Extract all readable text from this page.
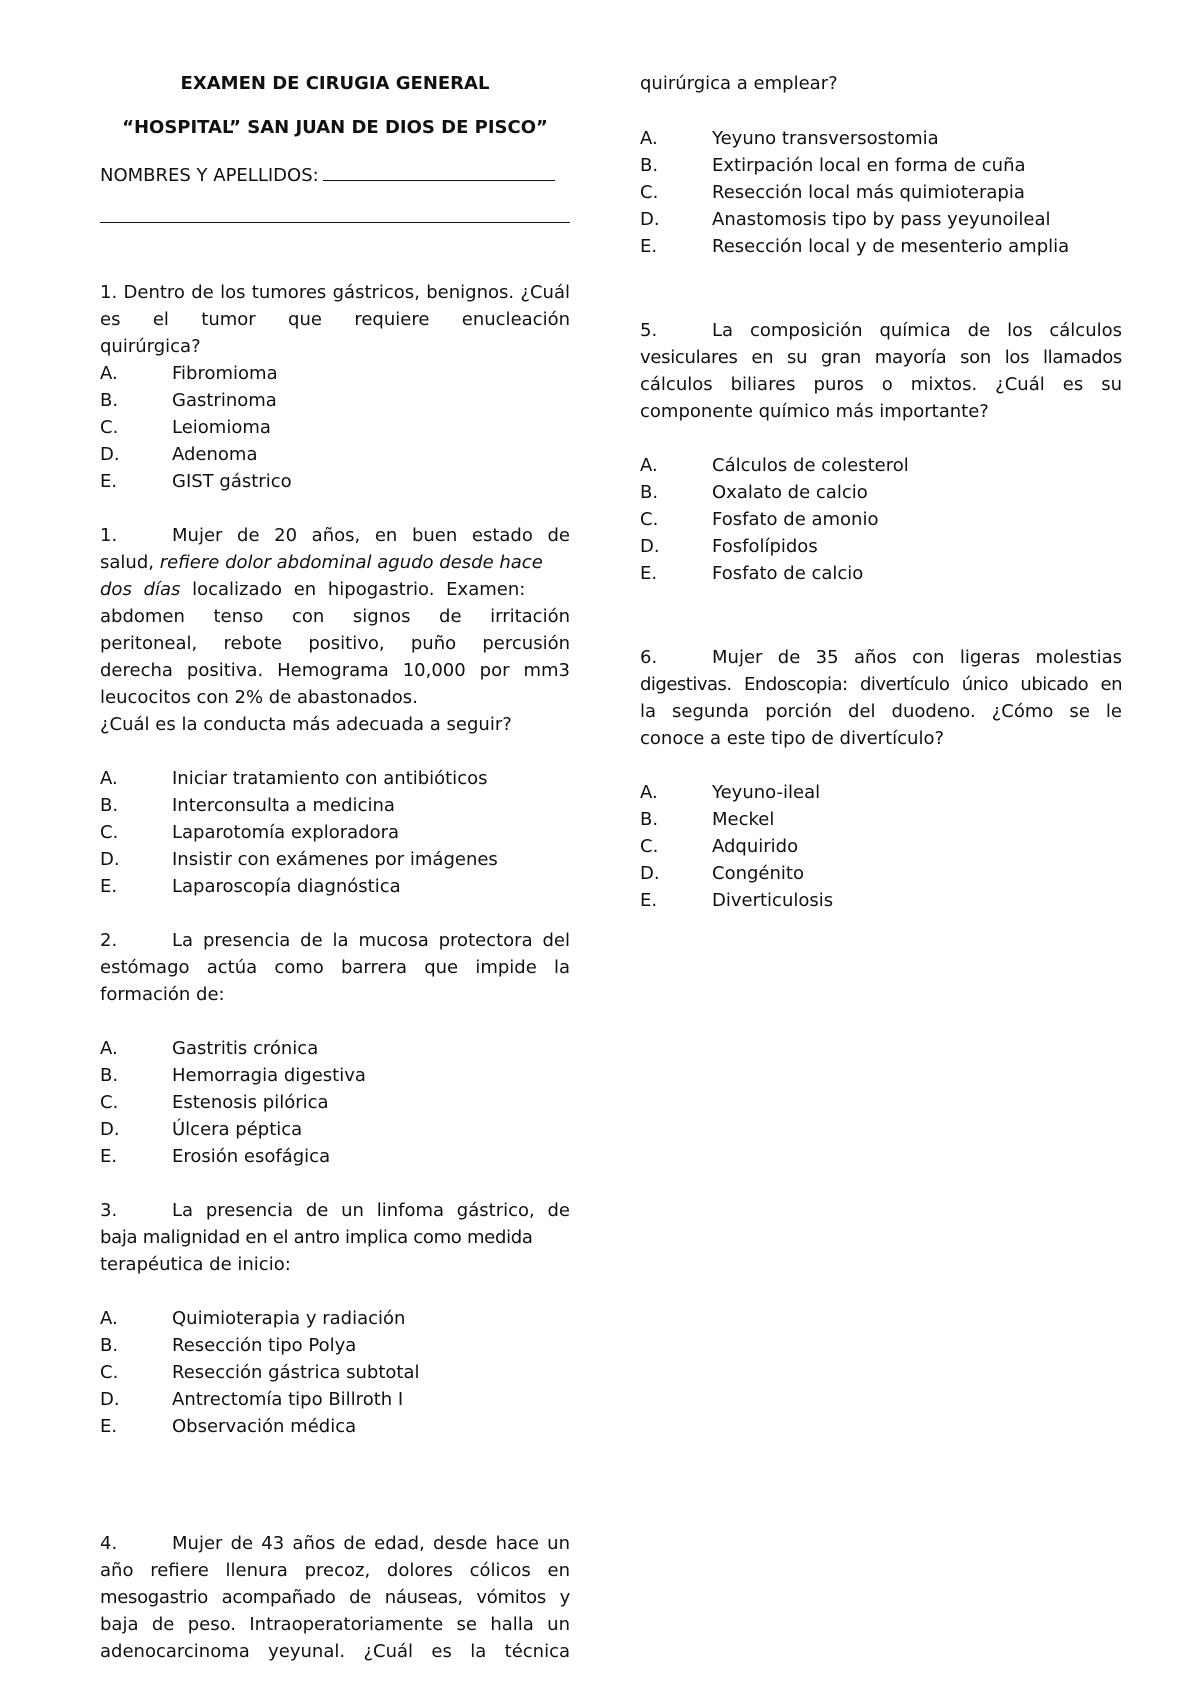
EXAMEN DE CIRUGIA GENERAL
“HOSPITAL” SAN JUAN DE DIOS DE PISCO”
NOMBRES Y APELLIDOS:
1. Dentro de los tumores gástricos, benignos. ¿Cuál
es el tumor que requiere enucleación
quirúrgica?
A.	Fibromioma
B.	Gastrinoma
C.	Leiomioma
D.	Adenoma
E.	GIST gástrico
1.	Mujer de 20 años, en buen estado de
salud, refiere dolor abdominal agudo desde hace
dos días localizado en hipogastrio. Examen:
abdomen tenso con signos de irritación
peritoneal, rebote positivo, puño percusión
derecha positiva. Hemograma 10,000 por mm3
leucocitos con 2% de abastonados.
¿Cuál es la conducta más adecuada a seguir?
A.	Iniciar tratamiento con antibióticos
B.	Interconsulta a medicina
C.	Laparotomía exploradora
D.	Insistir con exámenes por imágenes
E.	Laparoscopía diagnóstica
2.	La presencia de la mucosa protectora del
estómago actúa como barrera que impide la
formación de:
A.	Gastritis crónica
B.	Hemorragia digestiva
C.	Estenosis pilórica
D.	Úlcera péptica
E.	Erosión esofágica
3.	La presencia de un linfoma gástrico, de
baja malignidad en el antro implica como medida
terapéutica de inicio:
A.	Quimioterapia y radiación
B.	Resección tipo Polya
C.	Resección gástrica subtotal
D.	Antrectomía tipo Billroth I
E.	Observación médica
4.	Mujer de 43 años de edad, desde hace un
año refiere llenura precoz, dolores cólicos en
mesogastrio acompañado de náuseas, vómitos y
baja de peso. Intraoperatoriamente se halla un
adenocarcinoma yeyunal. ¿Cuál es la técnica
quirúrgica a emplear?
A.	Yeyuno transversostomia
B.	Extirpación local en forma de cuña
C.	Resección local más quimioterapia
D.	Anastomosis tipo by pass yeyunoileal
E.	Resección local y de mesenterio amplia
5.	La composición química de los cálculos
vesiculares en su gran mayoría son los llamados
cálculos biliares puros o mixtos. ¿Cuál es su
componente químico más importante?
A.	Cálculos de colesterol
B.	Oxalato de calcio
C.	Fosfato de amonio
D.	Fosfolípidos
E.	Fosfato de calcio
6.	Mujer de 35 años con ligeras molestias
digestivas. Endoscopia: divertículo único ubicado en
la segunda porción del duodeno. ¿Cómo se le
conoce a este tipo de divertículo?
A.	Yeyuno-ileal
B.	Meckel
C.	Adquirido
D.	Congénito
E.	Diverticulosis
